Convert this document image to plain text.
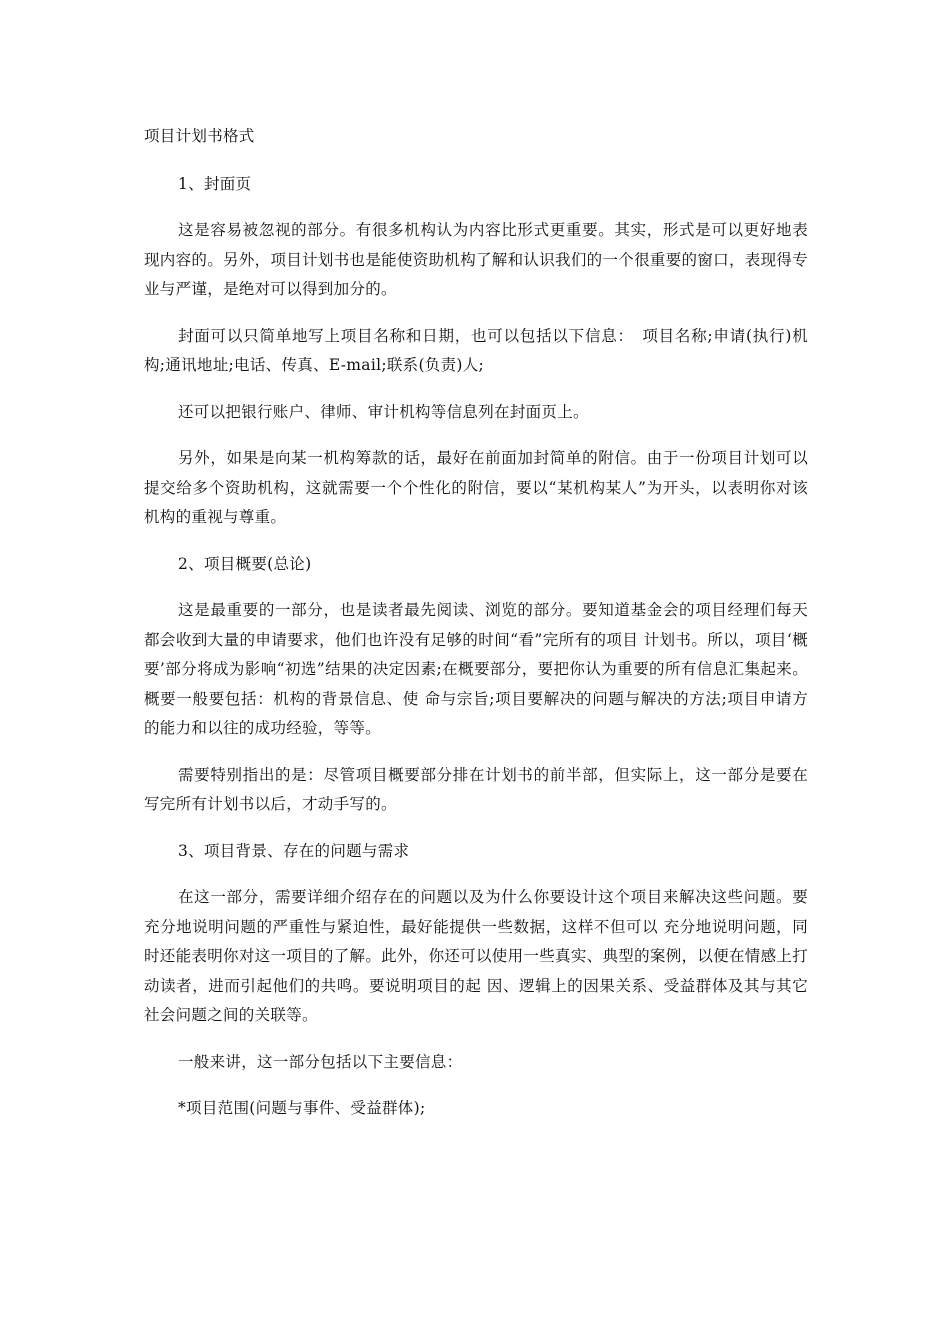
项目计划书格式
1、封面页
这是容易被忽视的部分。有很多机构认为内容比形式更重要。其实，形式是可以更好地表现内容的。另外，项目计划书也是能使资助机构了解和认识我们的一个很重要的窗口，表现得专业与严谨，是绝对可以得到加分的。
封面可以只简单地写上项目名称和日期，也可以包括以下信息：　项目名称;申请(执行)机构;通讯地址;电话、传真、E-mail;联系(负责)人;
还可以把银行账户、律师、审计机构等信息列在封面页上。
另外，如果是向某一机构筹款的话，最好在前面加封简单的附信。由于一份项目计划可以提交给多个资助机构，这就需要一个个性化的附信，要以“某机构某人”为开头，以表明你对该机构的重视与尊重。
2、项目概要(总论)
这是最重要的一部分，也是读者最先阅读、浏览的部分。要知道基金会的项目经理们每天都会收到大量的申请要求，他们也许没有足够的时间“看”完所有的项目 计划书。所以，项目‘概要’部分将成为影响“初选”结果的决定因素;在概要部分，要把你认为重要的所有信息汇集起来。概要一般要包括：机构的背景信息、使 命与宗旨;项目要解决的问题与解决的方法;项目申请方的能力和以往的成功经验，等等。
需要特别指出的是：尽管项目概要部分排在计划书的前半部，但实际上，这一部分是要在写完所有计划书以后，才动手写的。
3、项目背景、存在的问题与需求
在这一部分，需要详细介绍存在的问题以及为什么你要设计这个项目来解决这些问题。要充分地说明问题的严重性与紧迫性，最好能提供一些数据，这样不但可以 充分地说明问题，同时还能表明你对这一项目的了解。此外，你还可以使用一些真实、典型的案例，以便在情感上打动读者，进而引起他们的共鸣。要说明项目的起 因、逻辑上的因果关系、受益群体及其与其它社会问题之间的关联等。
一般来讲，这一部分包括以下主要信息：
*项目范围(问题与事件、受益群体);
